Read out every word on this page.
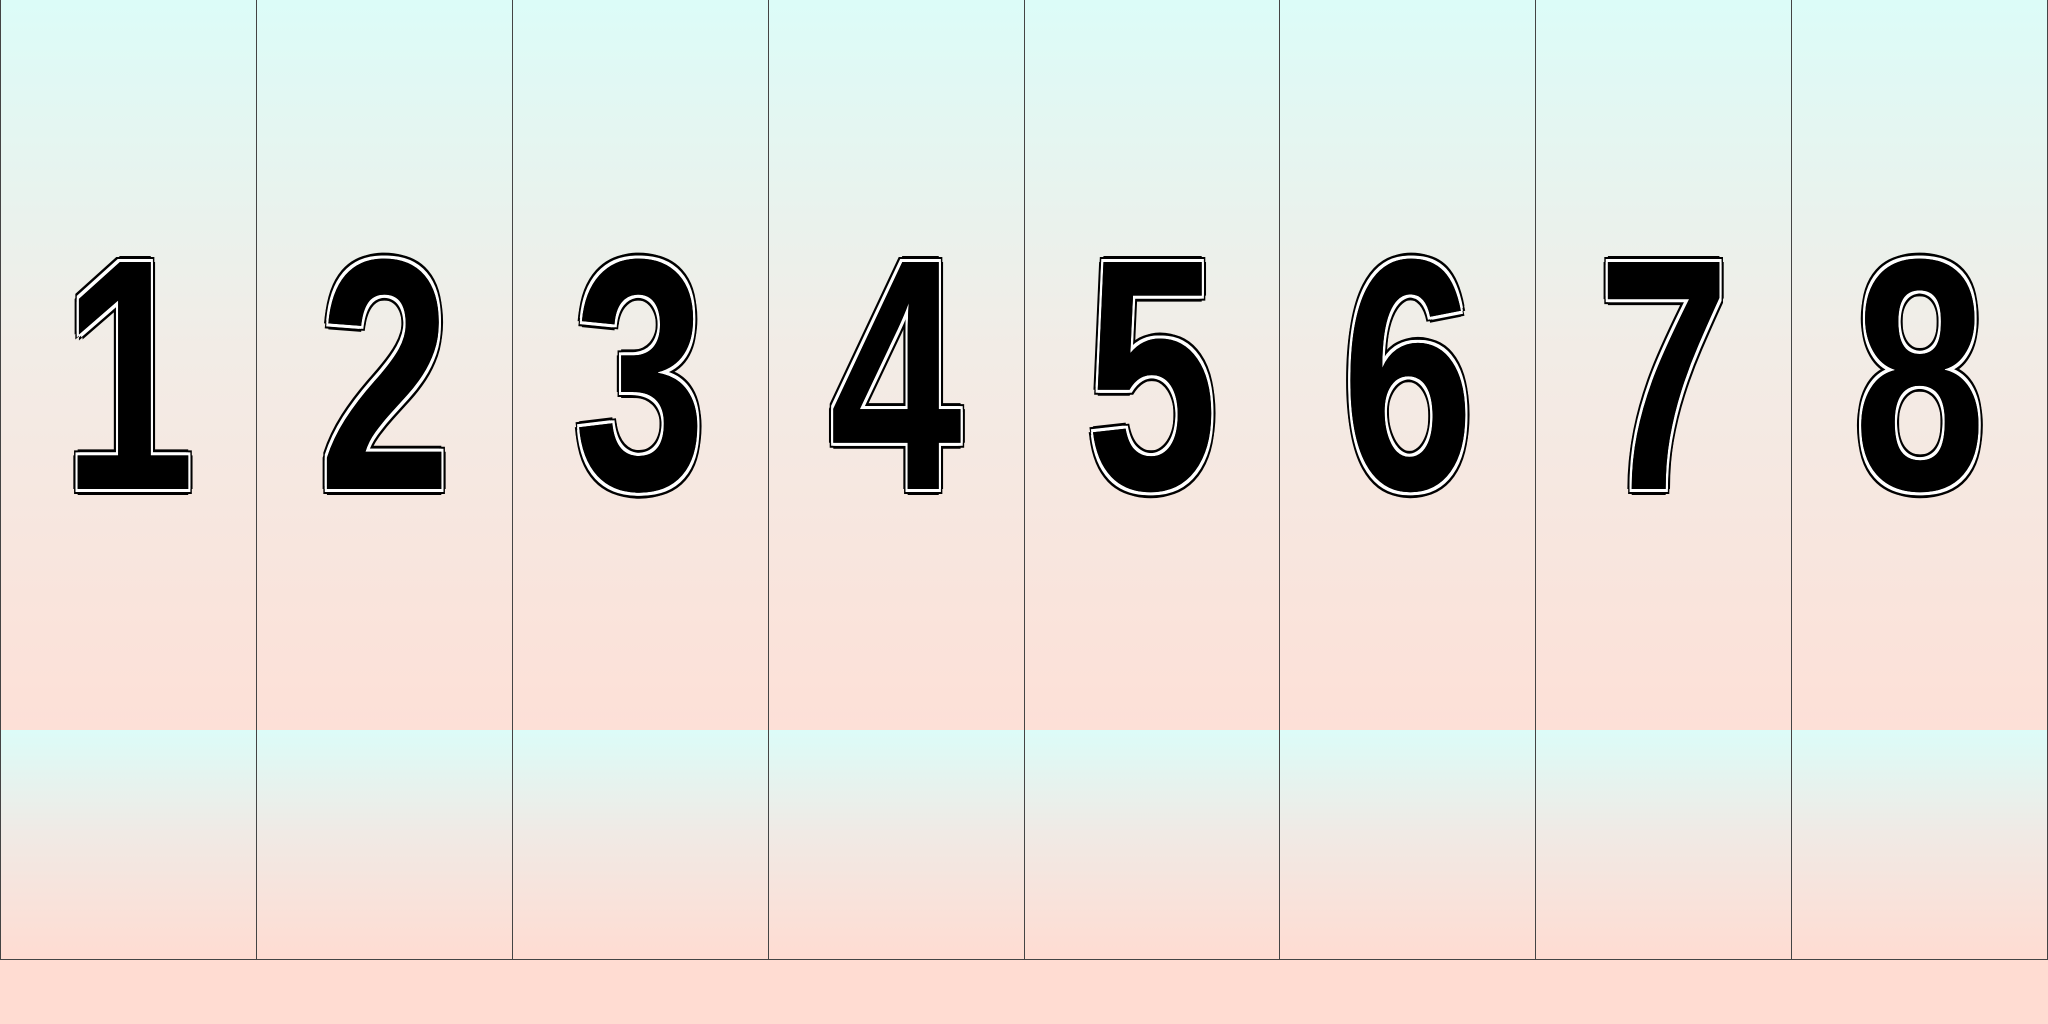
1 2 3 4 5 6 7 8
